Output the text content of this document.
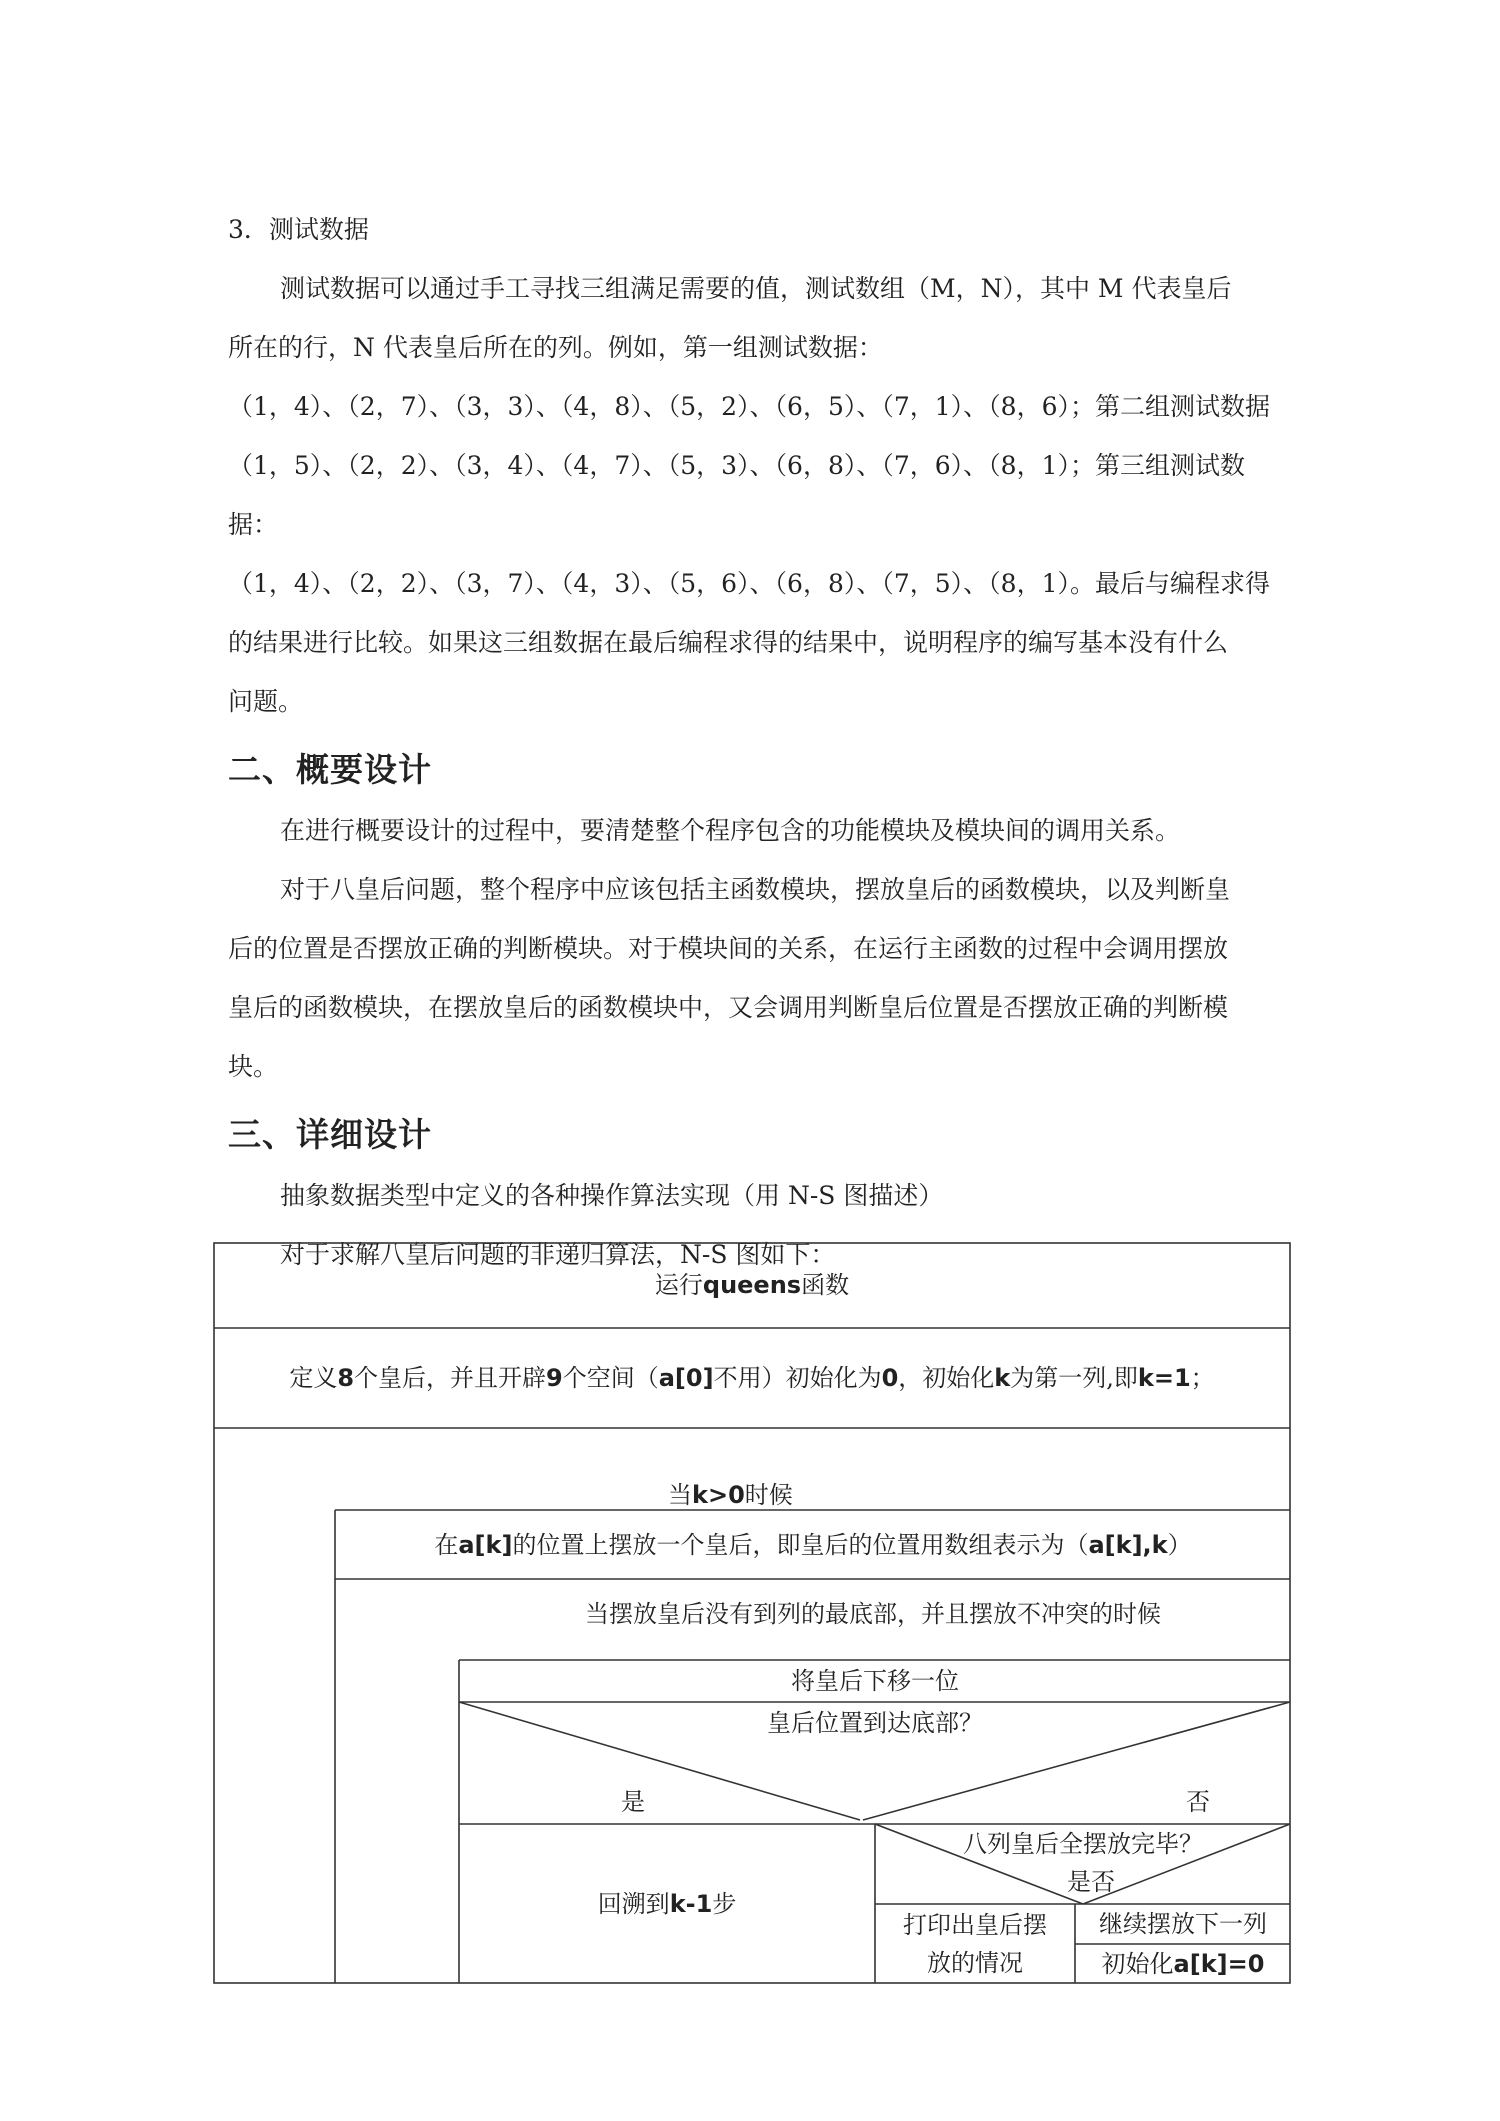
3．测试数据

测试数据可以通过手工寻找三组满足需要的值，测试数组（M，N），其中 M 代表皇后

所在的行，N 代表皇后所在的列。例如，第一组测试数据：

（1，4）、（2，7）、（3，3）、（4，8）、（5，2）、（6，5）、（7，1）、（8，6）；第二组测试数据

（1，5）、（2，2）、（3，4）、（4，7）、（5，3）、（6，8）、（7，6）、（8，1）；第三组测试数据：

（1，4）、（2，2）、（3，7）、（4，3）、（5，6）、（6，8）、（7，5）、（8，1）。最后与编程求得

的结果进行比较。如果这三组数据在最后编程求得的结果中，说明程序的编写基本没有什么

问题。

二、概要设计

在进行概要设计的过程中，要清楚整个程序包含的功能模块及模块间的调用关系。

对于八皇后问题，整个程序中应该包括主函数模块，摆放皇后的函数模块，以及判断皇

后的位置是否摆放正确的判断模块。对于模块间的关系，在运行主函数的过程中会调用摆放

皇后的函数模块，在摆放皇后的函数模块中，又会调用判断皇后位置是否摆放正确的判断模

块。

三、详细设计

抽象数据类型中定义的各种操作算法实现（用 N-S 图描述）

对于求解八皇后问题的非递归算法，N-S 图如下：

运行 queens 函数
定义 8 个皇后，并且开辟 9 个空间（ a[0] 不用）初始化为 0 ，初始化 k 为第一列,即 k=1 ；
当 k>0 时候
在 a[k] 的位置上摆放一个皇后，即皇后的位置用数组表示为（ a[k],k ）
当摆放皇后没有到列的最底部，并且摆放不冲突的时候
将皇后下移一位
皇后位置到达底部？
是	否
回溯到 k-1 步
八列皇后全摆放完毕？
是 否
打印出皇后摆
放的情况
继续摆放下一列
初始化 a[k]=0
